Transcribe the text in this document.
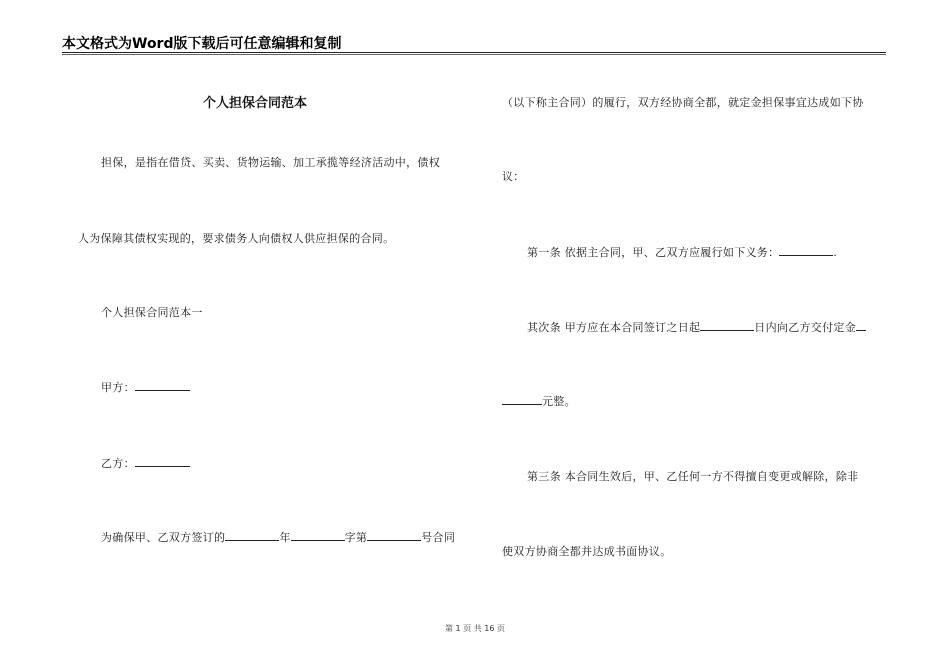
本文格式为Word版下载后可任意编辑和复制
个人担保合同范本
担保，是指在借贷、买卖、货物运输、加工承揽等经济活动中，债权
人为保障其债权实现的，要求债务人向债权人供应担保的合同。
个人担保合同范本一
甲方：
乙方：
为确保甲、乙双方签订的	年	字第	号合同
（以下称主合同）的履行，双方经协商全都，就定金担保事宜达成如下协
议：
第一条 依据主合同，甲、乙双方应履行如下义务：	.
其次条 甲方应在本合同签订之日起	日内向乙方交付定金
元整。
第三条 本合同生效后，甲、乙任何一方不得擅自变更或解除，除非
使双方协商全都并达成书面协议。
第 1 页 共 16 页
